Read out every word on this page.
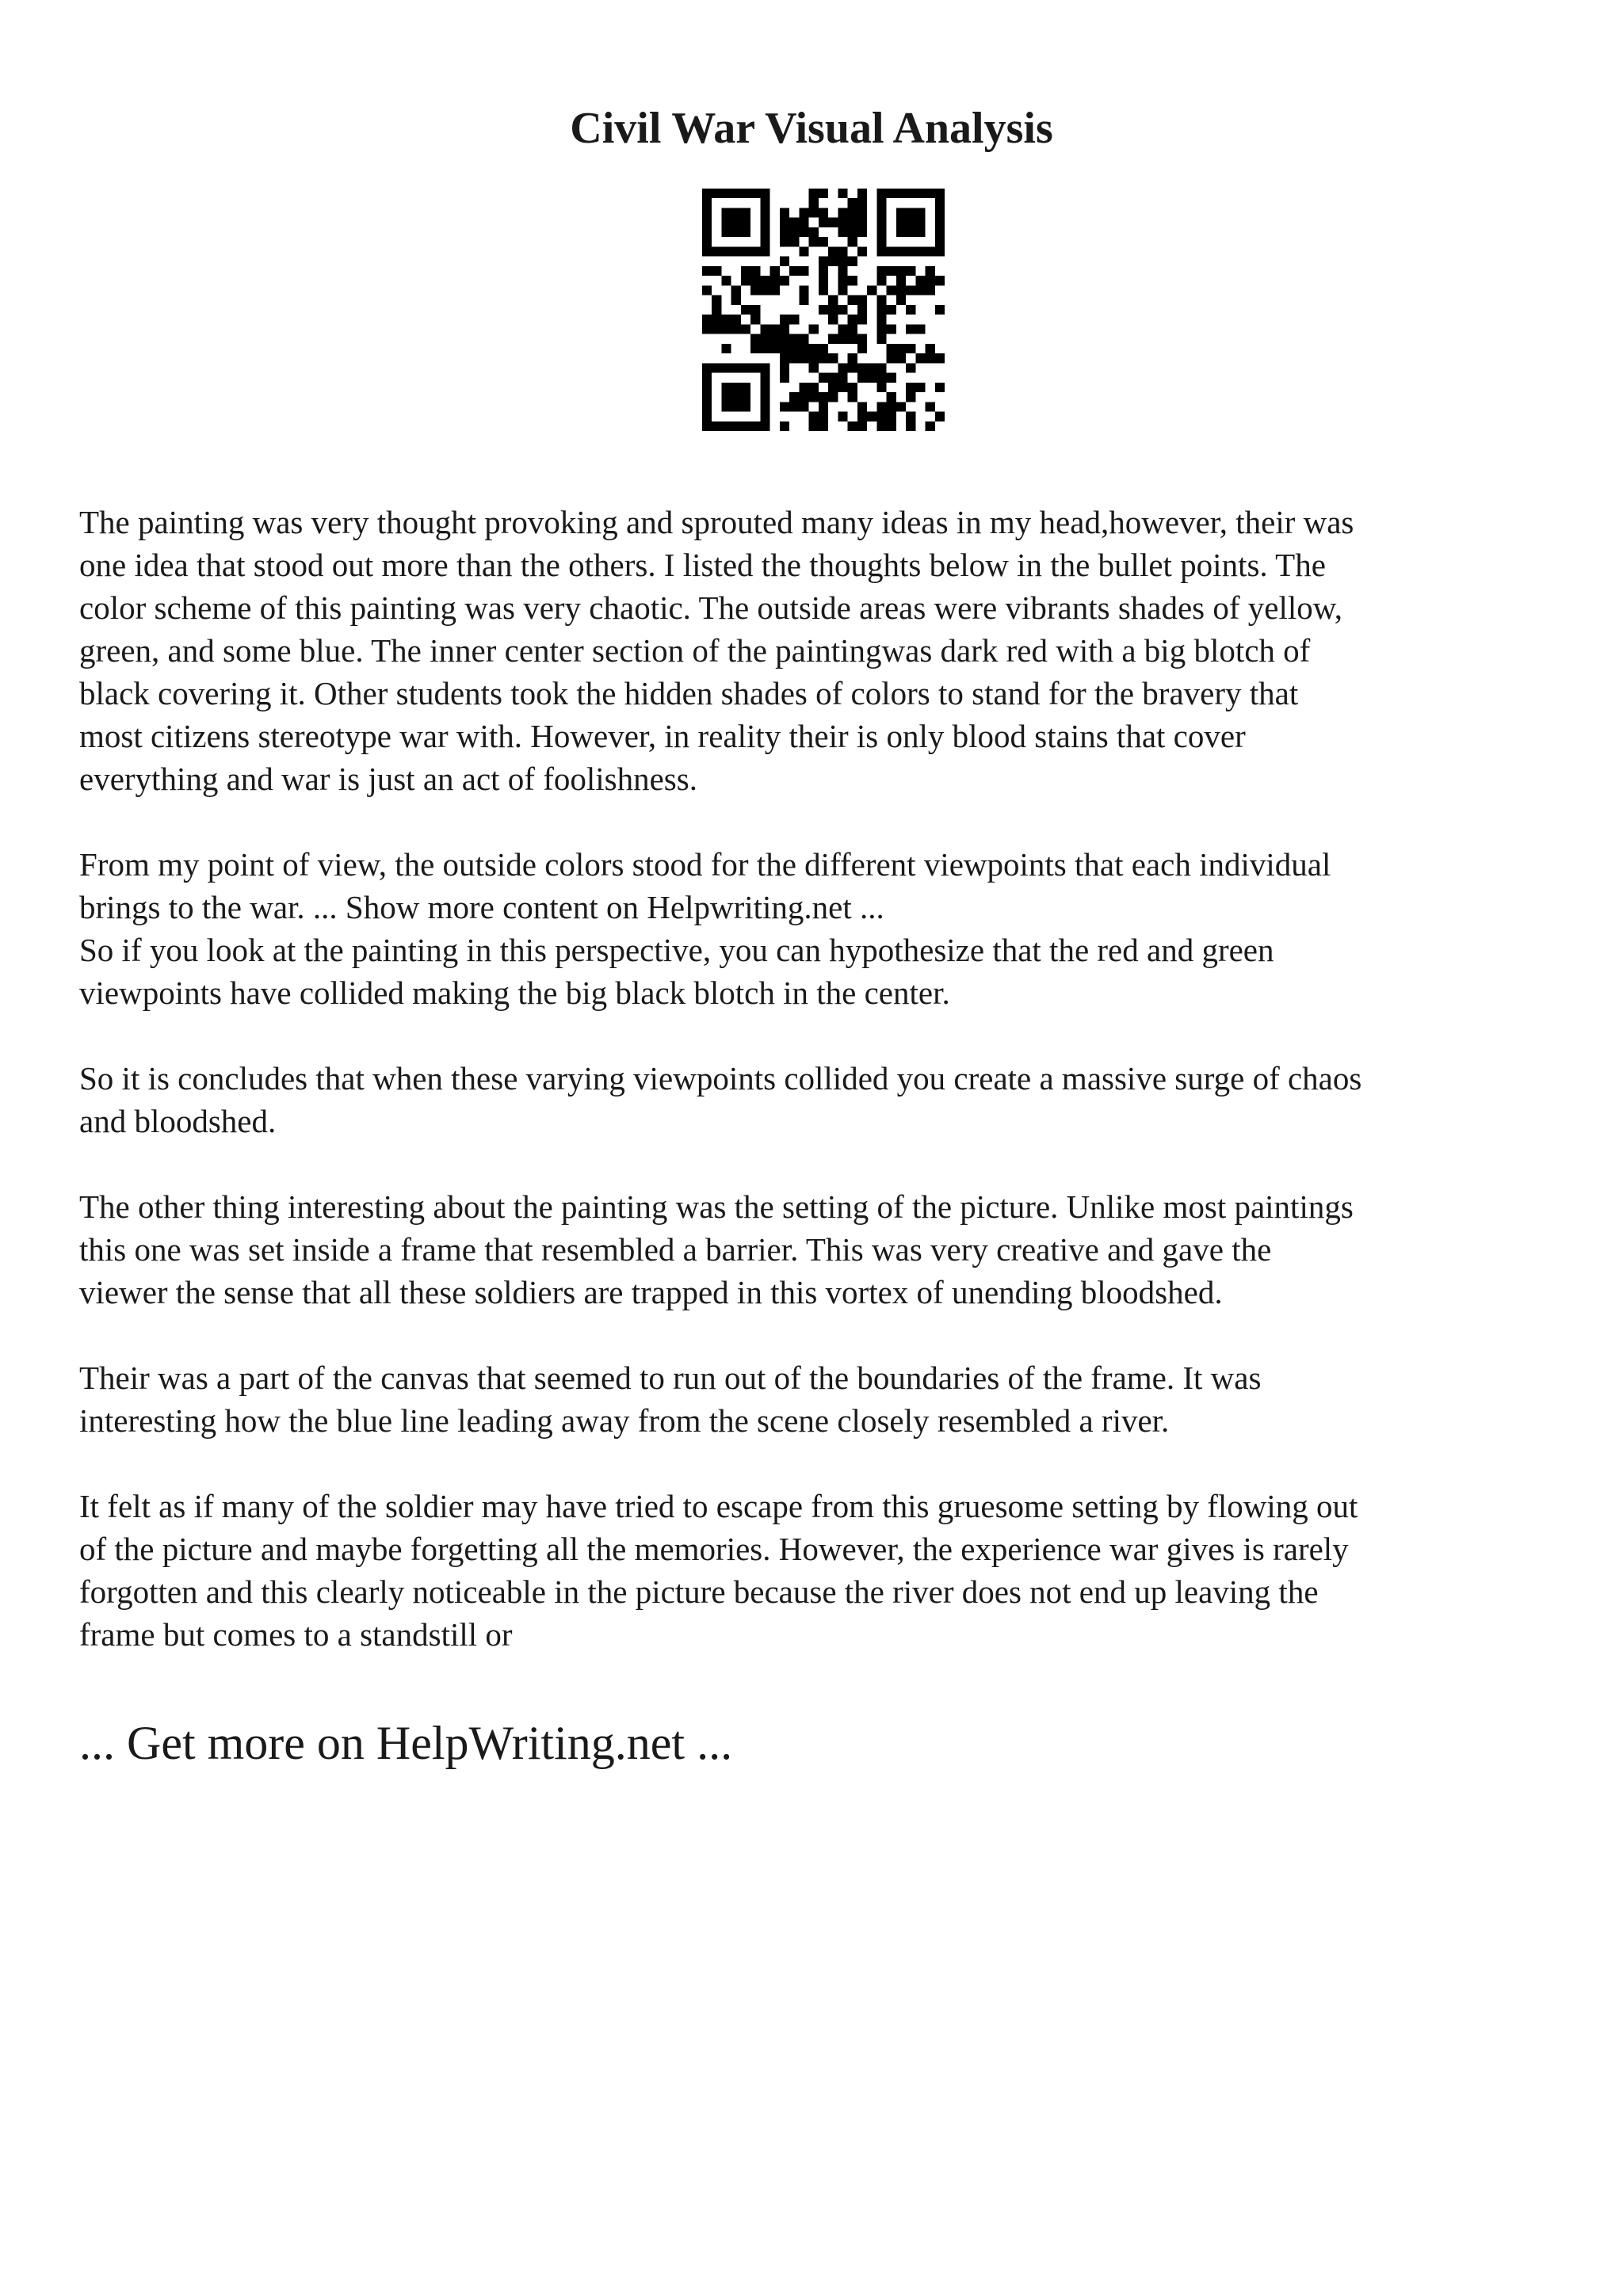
Civil War Visual Analysis

The painting was very thought provoking and sprouted many ideas in my head,however, their was
one idea that stood out more than the others. I listed the thoughts below in the bullet points. The
color scheme of this painting was very chaotic. The outside areas were vibrants shades of yellow,
green, and some blue. The inner center section of the paintingwas dark red with a big blotch of
black covering it. Other students took the hidden shades of colors to stand for the bravery that
most citizens stereotype war with. However, in reality their is only blood stains that cover
everything and war is just an act of foolishness.

From my point of view, the outside colors stood for the different viewpoints that each individual
brings to the war. ... Show more content on Helpwriting.net ...

So if you look at the painting in this perspective, you can hypothesize that the red and green
viewpoints have collided making the big black blotch in the center.

So it is concludes that when these varying viewpoints collided you create a massive surge of chaos
and bloodshed.

The other thing interesting about the painting was the setting of the picture. Unlike most paintings
this one was set inside a frame that resembled a barrier. This was very creative and gave the
viewer the sense that all these soldiers are trapped in this vortex of unending bloodshed.

Their was a part of the canvas that seemed to run out of the boundaries of the frame. It was
interesting how the blue line leading away from the scene closely resembled a river.

It felt as if many of the soldier may have tried to escape from this gruesome setting by flowing out
of the picture and maybe forgetting all the memories. However, the experience war gives is rarely
forgotten and this clearly noticeable in the picture because the river does not end up leaving the
frame but comes to a standstill or

... Get more on HelpWriting.net ...
